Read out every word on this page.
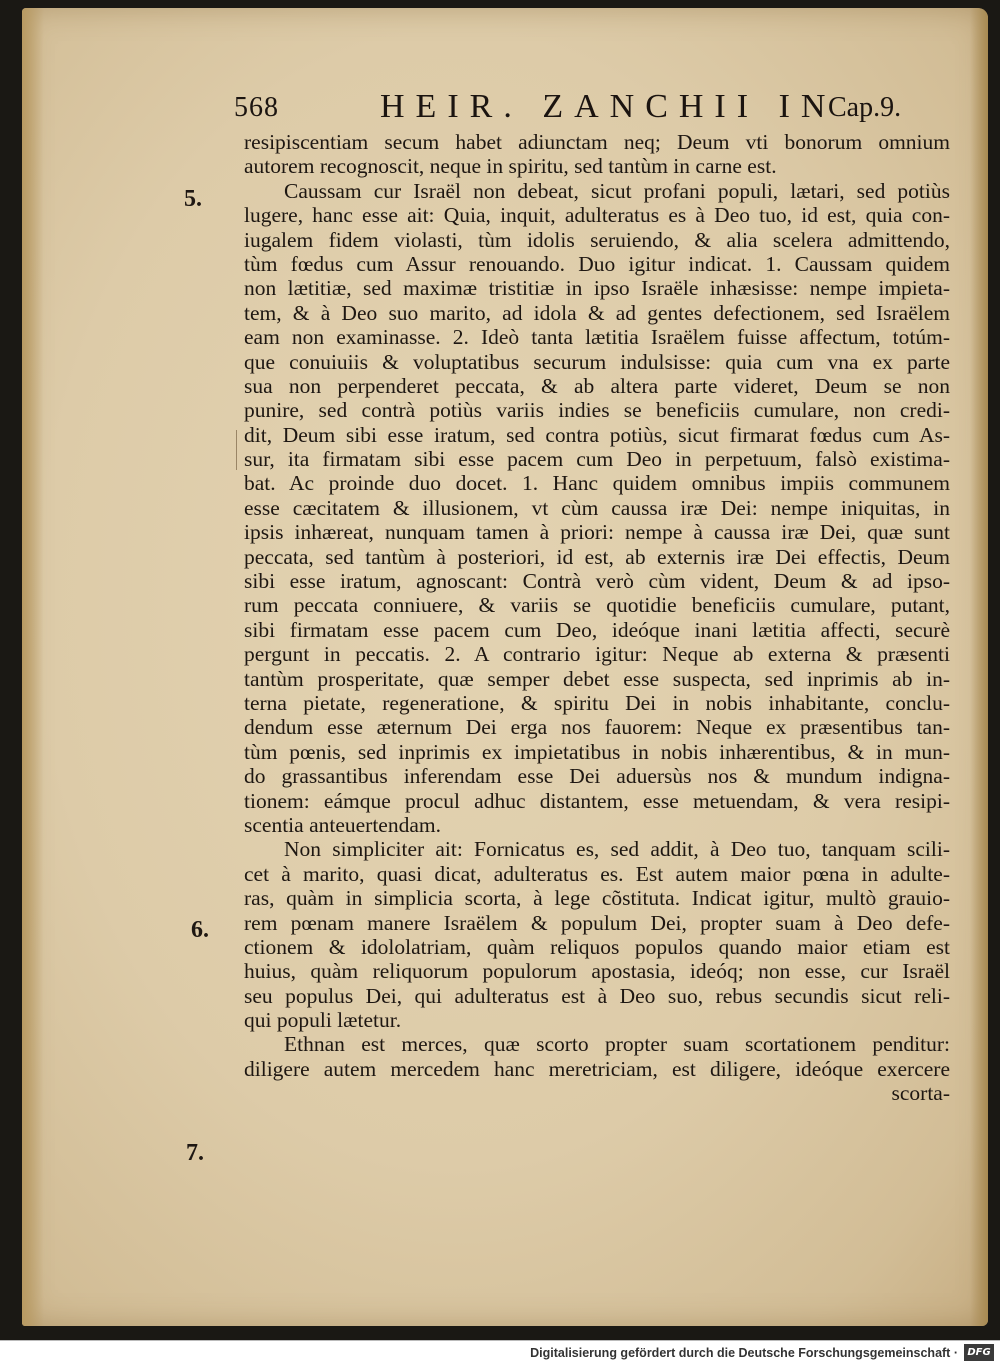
568	HEIR. ZANCHII IN
Cap.9.
5.
6.
7.
resipiscentiam secum habet adiunctam neq; Deum vti bonorum omnium
autorem recognoscit, neque in spiritu, sed tantùm in carne est.
Caussam cur Israël non debeat, sicut profani populi, lætari, sed potiùs
lugere, hanc esse ait: Quia, inquit, adulteratus es à Deo tuo, id est, quia con-
iugalem fidem violasti, tùm idolis seruiendo, & alia scelera admittendo,
tùm fœdus cum Assur renouando. Duo igitur indicat. 1. Caussam quidem
non lætitiæ, sed maximæ tristitiæ in ipso Israële inhæsisse: nempe impieta-
tem, & à Deo suo marito, ad idola & ad gentes defectionem, sed Israëlem
eam non examinasse. 2. Ideò tanta lætitia Israëlem fuisse affectum, totúm-
que conuiuiis & voluptatibus securum indulsisse: quia cum vna ex parte
sua non perpenderet peccata, & ab altera parte videret, Deum se non
punire, sed contrà potiùs variis indies se beneficiis cumulare, non credi-
dit, Deum sibi esse iratum, sed contra potiùs, sicut firmarat fœdus cum As-
sur, ita firmatam sibi esse pacem cum Deo in perpetuum, falsò existima-
bat. Ac proinde duo docet. 1. Hanc quidem omnibus impiis communem
esse cæcitatem & illusionem, vt cùm caussa iræ Dei: nempe iniquitas, in
ipsis inhæreat, nunquam tamen à priori: nempe à caussa iræ Dei, quæ sunt
peccata, sed tantùm à posteriori, id est, ab externis iræ Dei effectis, Deum
sibi esse iratum, agnoscant: Contrà verò cùm vident, Deum & ad ipso-
rum peccata conniuere, & variis se quotidie beneficiis cumulare, putant,
sibi firmatam esse pacem cum Deo, ideóque inani lætitia affecti, securè
pergunt in peccatis. 2. A contrario igitur: Neque ab externa & præsenti
tantùm prosperitate, quæ semper debet esse suspecta, sed inprimis ab in-
terna pietate, regeneratione, & spiritu Dei in nobis inhabitante, conclu-
dendum esse æternum Dei erga nos fauorem: Neque ex præsentibus tan-
tùm pœnis, sed inprimis ex impietatibus in nobis inhærentibus, & in mun-
do grassantibus inferendam esse Dei aduersùs nos & mundum indigna-
tionem: eámque procul adhuc distantem, esse metuendam, & vera resipi-
scentia anteuertendam.
Non simpliciter ait: Fornicatus es, sed addit, à Deo tuo, tanquam scili-
cet à marito, quasi dicat, adulteratus es. Est autem maior pœna in adulte-
ras, quàm in simplicia scorta, à lege cõstituta. Indicat igitur, multò grauio-
rem pœnam manere Israëlem & populum Dei, propter suam à Deo defe-
ctionem & idololatriam, quàm reliquos populos quando maior etiam est
huius, quàm reliquorum populorum apostasia, ideóq; non esse, cur Israël
seu populus Dei, qui adulteratus est à Deo suo, rebus secundis sicut reli-
qui populi lætetur.
Ethnan est merces, quæ scorto propter suam scortationem penditur:
diligere autem mercedem hanc meretriciam, est diligere, ideóque exercere
scorta-
Digitalisierung gefördert durch die Deutsche Forschungsgemeinschaft · DFG
